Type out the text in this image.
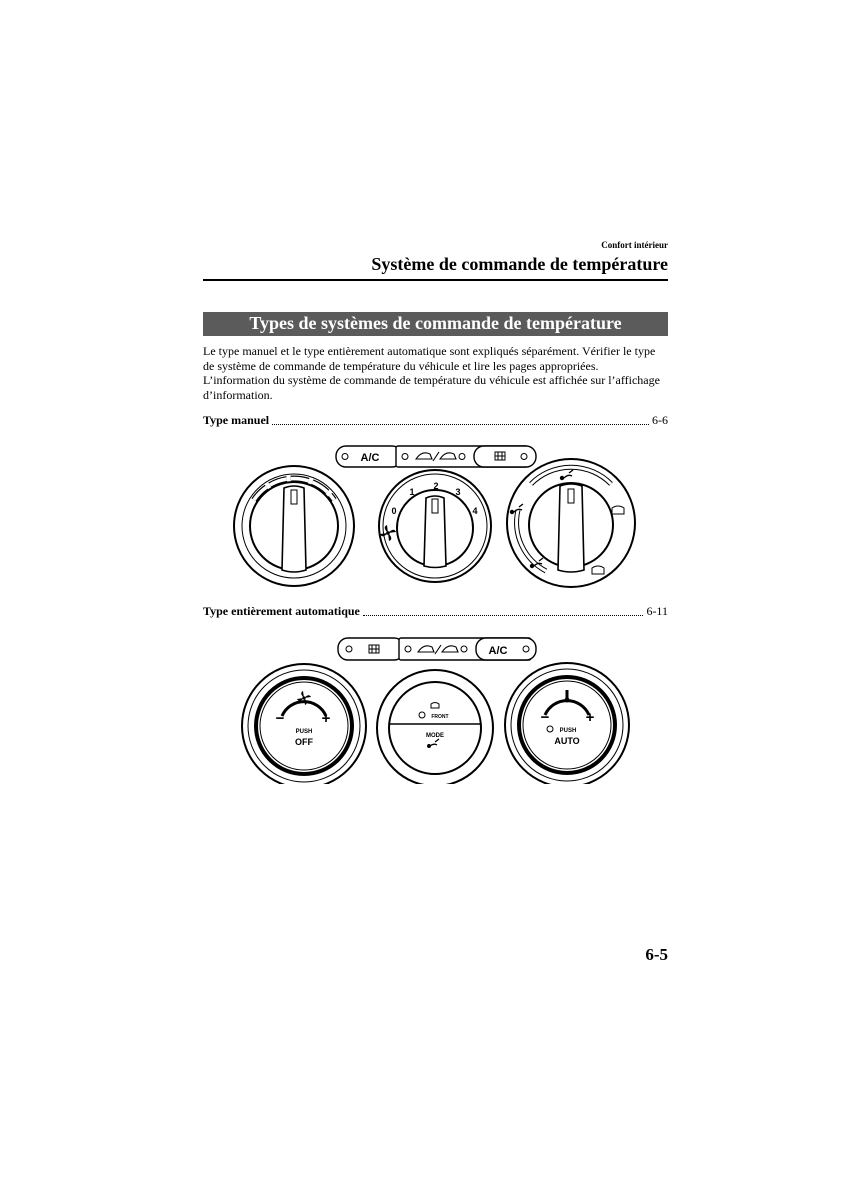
Confort intérieur
Système de commande de température
Types de systèmes de commande de température
Le type manuel et le type entièrement automatique sont expliqués séparément. Vérifier le type de système de commande de température du véhicule et lire les pages appropriées. L’information du système de commande de température du véhicule est affichée sur l’affichage d’information.
Type manuel	6-6
A/C
0
1
2
3
4
Type entièrement automatique	6-11
A/C
− +
PUSH
OFF
FRONT
MODE
− +
PUSH
AUTO
6-5
